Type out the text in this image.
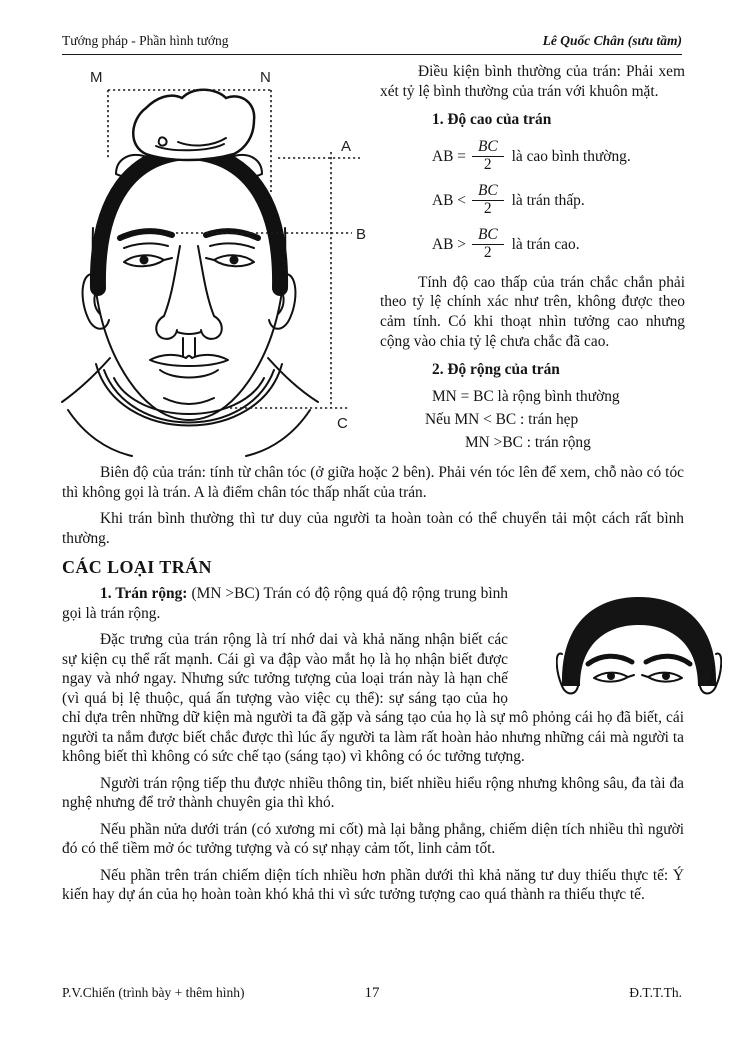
Tướng pháp - Phần hình tướng	Lê Quốc Chân (sưu tầm)
M	N
A
B
C

Điều kiện bình thường của trán: Phải xem xét tỷ lệ bình thường của trán với khuôn mặt.

1. Độ cao của trán
AB = $\frac{BC}{2}$ là cao bình thường.
AB < $\frac{BC}{2}$ là trán thấp.
AB > $\frac{BC}{2}$ là trán cao.

Tính độ cao thấp của trán chắc chắn phải theo tỷ lệ chính xác như trên, không được theo cảm tính. Có khi thoạt nhìn tưởng cao nhưng cộng vào chia tỷ lệ chưa chắc đã cao.

2. Độ rộng của trán
MN = BC là rộng bình thường
Nếu MN < BC : trán hẹp
MN >BC : trán rộng

Biên độ của trán: tính từ chân tóc (ở giữa hoặc 2 bên). Phải vén tóc lên để xem, chỗ nào có tóc thì không gọi là trán. A là điểm chân tóc thấp nhất của trán.

Khi trán bình thường thì tư duy của người ta hoàn toàn có thể chuyển tải một cách rất bình thường.

CÁC LOẠI TRÁN

1. Trán rộng: (MN >BC) Trán có độ rộng quá độ rộng trung bình gọi là trán rộng.

Đặc trưng của trán rộng là trí nhớ dai và khả năng nhận biết các sự kiện cụ thể rất mạnh. Cái gì va đập vào mắt họ là họ nhận biết được ngay và nhớ ngay. Nhưng sức tưởng tượng của loại trán này là hạn chế (vì quá bị lệ thuộc, quá ấn tượng vào việc cụ thể): sự sáng tạo của họ chỉ dựa trên những dữ kiện mà người ta đã gặp và sáng tạo của họ là sự mô phỏng cái họ đã biết, cái người ta nắm được biết chắc được thì lúc ấy người ta làm rất hoàn hảo nhưng những cái mà người ta không biết thì không có sức chế tạo (sáng tạo) vì không có óc tưởng tượng.

Người trán rộng tiếp thu được nhiều thông tin, biết nhiều hiểu rộng nhưng không sâu, đa tài đa nghệ nhưng để trở thành chuyên gia thì khó.

Nếu phần nửa dưới trán (có xương mi cốt) mà lại bằng phẳng, chiếm diện tích nhiều thì người đó có thể tiềm mở óc tưởng tượng và có sự nhạy cảm tốt, linh cảm tốt.

Nếu phần trên trán chiếm diện tích nhiều hơn phần dưới thì khả năng tư duy thiếu thực tế: Ý kiến hay dự án của họ hoàn toàn khó khả thi vì sức tưởng tượng cao quá thành ra thiếu thực tế.

17
P.V.Chiến (trình bày + thêm hình)	Đ.T.T.Th.
